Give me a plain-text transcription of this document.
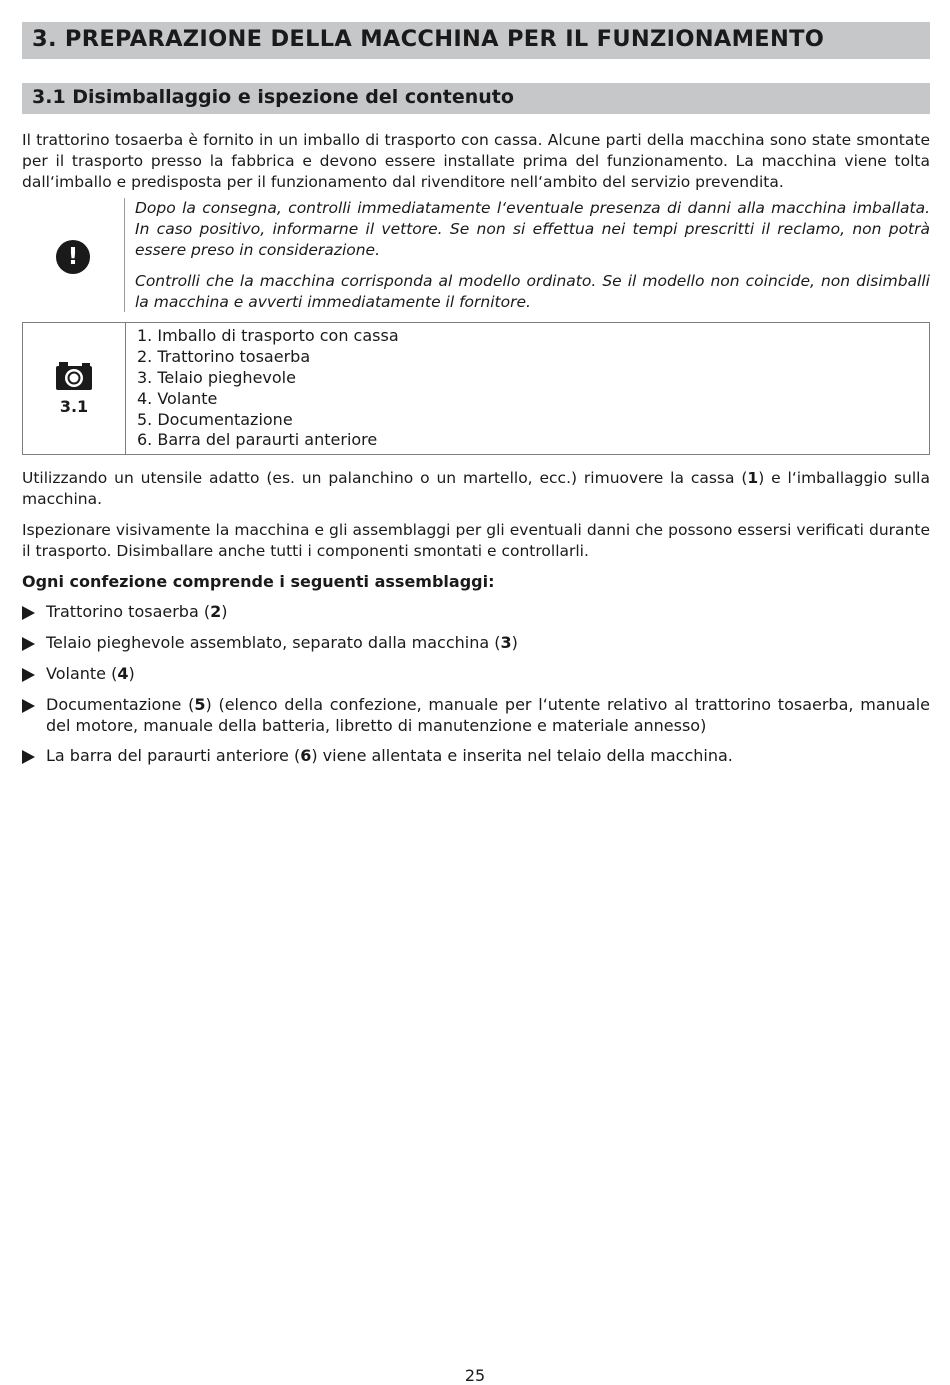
3. PREPARAZIONE DELLA MACCHINA PER IL FUNZIONAMENTO
3.1 Disimballaggio e ispezione del contenuto

Il trattorino tosaerba è fornito in un imballo di trasporto con cassa. Alcune parti della macchina sono state smontate per il trasporto presso la fabbrica e devono essere installate prima del funzionamento. La macchina viene tolta dall‘imballo e predisposta per il funzionamento dal rivenditore nell‘ambito del servizio prevendita.

!

Dopo la consegna, controlli immediatamente l‘eventuale presenza di danni alla macchina imballata. In caso positivo, informarne il vettore. Se non si effettua nei tempi prescritti il reclamo, non potrà essere preso in considerazione.

Controlli che la macchina corrisponda al modello ordinato. Se il modello non coincide, non disimballi la macchina e avverti immediatamente il fornitore.

3.1
1. Imballo di trasporto con cassa
2. Trattorino tosaerba
3. Telaio pieghevole
4. Volante
5. Documentazione
6. Barra del paraurti anteriore

Utilizzando un utensile adatto (es. un palanchino o un martello, ecc.) rimuovere la cassa (1) e l‘imballaggio sulla macchina.

Ispezionare visivamente la macchina e gli assemblaggi per gli eventuali danni che possono essersi verificati durante il trasporto. Disimballare anche tutti i componenti smontati e controllarli.

Ogni confezione comprende i seguenti assemblaggi:
Trattorino tosaerba (2)
Telaio pieghevole assemblato, separato dalla macchina (3)
Volante (4)
Documentazione (5) (elenco della confezione, manuale per l‘utente relativo al trattorino tosaerba, manuale del motore, manuale della batteria, libretto di manutenzione e materiale annesso)
La barra del paraurti anteriore (6) viene allentata e inserita nel telaio della macchina.
25
